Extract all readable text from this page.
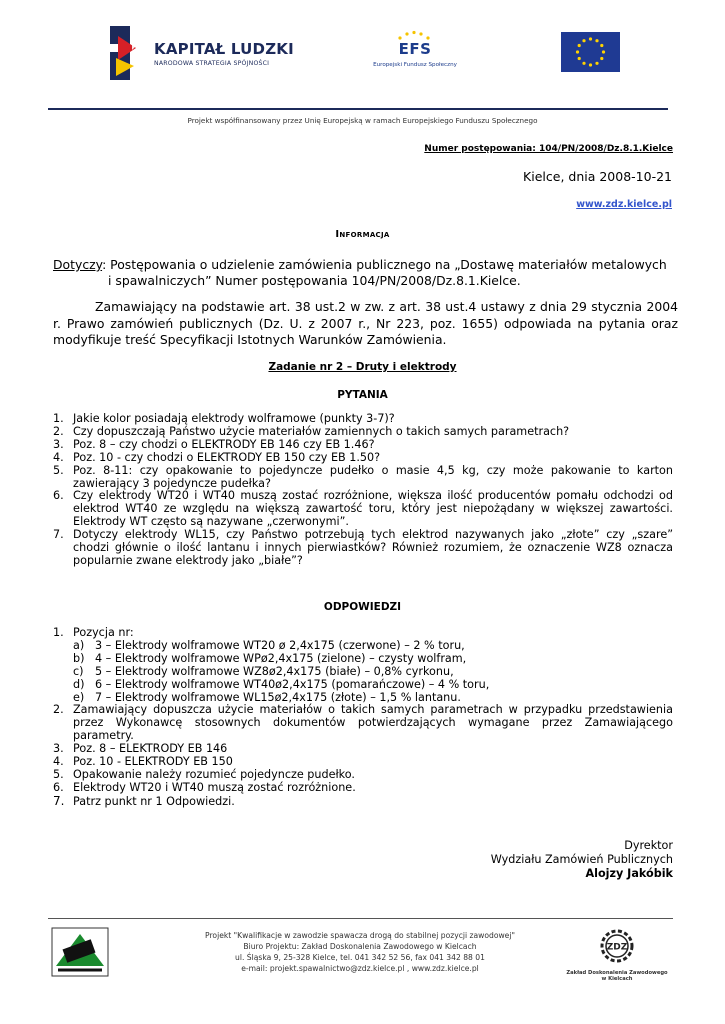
KAPITAŁ LUDZKI
NARODOWA STRATEGIA SPÓJNOŚCI
EFS
Europejski Fundusz Społeczny
Projekt współfinansowany przez Unię Europejską w ramach Europejskiego Funduszu Społecznego
Numer postępowania: 104/PN/2008/Dz.8.1.Kielce
Kielce, dnia 2008-10-21
www.zdz.kielce.pl
Informacja
Dotyczy: Postępowania o udzielenie zamówienia publicznego na „Dostawę materiałów metalowych
i spawalniczych” Numer postępowania 104/PN/2008/Dz.8.1.Kielce.

Zamawiający na podstawie art. 38 ust.2 w zw. z art. 38 ust.4 ustawy z dnia 29 stycznia 2004 r. Prawo zamówień publicznych (Dz. U. z 2007 r., Nr 223, poz. 1655) odpowiada na pytania oraz modyfikuje treść Specyfikacji Istotnych Warunków Zamówienia.

Zadanie nr 2 – Druty i elektrody
PYTANIA
1. Jakie kolor posiadają elektrody wolframowe (punkty 3-7)?
2. Czy dopuszczają Państwo użycie materiałów zamiennych o takich samych parametrach?
3. Poz. 8 – czy chodzi o ELEKTRODY EB 146 czy EB 1.46?
4. Poz. 10 - czy chodzi o ELEKTRODY EB 150 czy EB 1.50?
5. Poz. 8-11: czy opakowanie to pojedyncze pudełko o masie 4,5 kg, czy może pakowanie to karton zawierający 3 pojedyncze pudełka?
6. Czy elektrody WT20 i WT40 muszą zostać rozróżnione, większa ilość producentów pomału odchodzi od elektrod WT40 ze względu na większą zawartość toru, który jest niepożądany w większej zawartości. Elektrody WT często są nazywane „czerwonymi”.
7. Dotyczy elektrody WL15, czy Państwo potrzebują tych elektrod nazywanych jako „złote” czy „szare” chodzi głównie o ilość lantanu i innych pierwiastków? Również rozumiem, że oznaczenie WZ8 oznacza popularnie zwane elektrody jako „białe”?
ODPOWIEDZI
1. Pozycja nr:
a) 3 – Elektrody wolframowe WT20 ø 2,4x175 (czerwone) – 2 % toru,
b) 4 – Elektrody wolframowe WPø2,4x175 (zielone) – czysty wolfram,
c) 5 – Elektrody wolframowe WZ8ø2,4x175 (białe) – 0,8% cyrkonu,
d) 6 – Elektrody wolframowe WT40ø2,4x175 (pomarańczowe) – 4 % toru,
e) 7 – Elektrody wolframowe WL15ø2,4x175 (złote) – 1,5 % lantanu.
2. Zamawiający dopuszcza użycie materiałów o takich samych parametrach w przypadku przedstawienia przez Wykonawcę stosownych dokumentów potwierdzających wymagane przez Zamawiającego parametry.
3. Poz. 8 – ELEKTRODY EB 146
4. Poz. 10 - ELEKTRODY EB 150
5. Opakowanie należy rozumieć pojedyncze pudełko.
6. Elektrody WT20 i WT40 muszą zostać rozróżnione.
7. Patrz punkt nr 1 Odpowiedzi.
Dyrektor
Wydziału Zamówień Publicznych
Alojzy Jakóbik
Projekt "Kwalifikacje w zawodzie spawacza drogą do stabilnej pozycji zawodowej"
Biuro Projektu: Zakład Doskonalenia Zawodowego w Kielcach
ul. Śląska 9, 25-328 Kielce, tel. 041 342 52 56, fax 041 342 88 01
e-mail: projekt.spawalnictwo@zdz.kielce.pl , www.zdz.kielce.pl
ZDZ
Zakład Doskonalenia Zawodowego
w Kielcach
